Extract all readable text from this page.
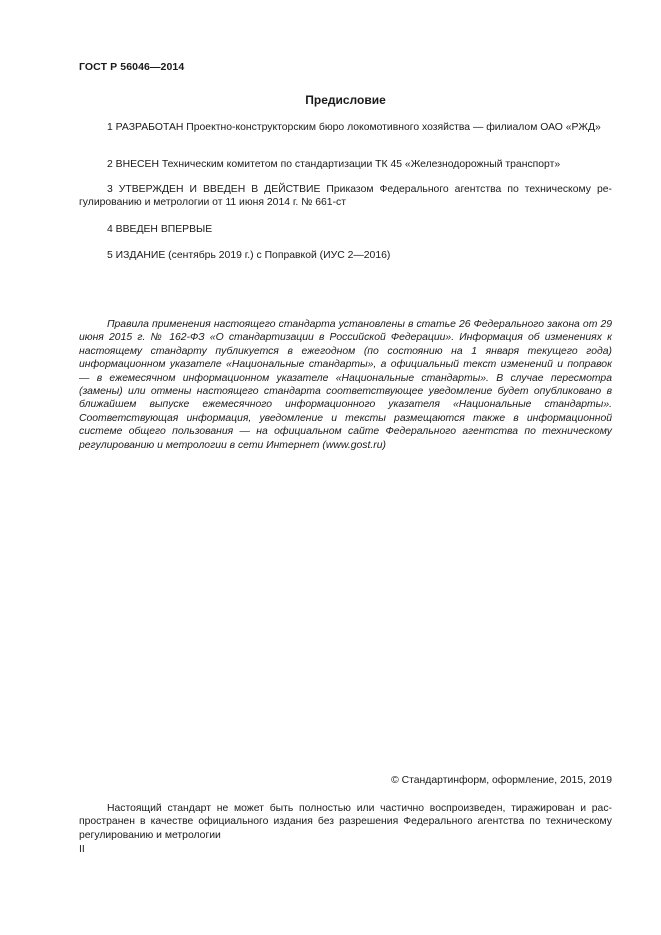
ГОСТ Р 56046—2014
Предисловие

1 РАЗРАБОТАН Проектно-конструкторским бюро локомотивного хозяйства — филиалом ОАО «РЖД»

2 ВНЕСЕН Техническим комитетом по стандартизации ТК 45 «Железнодорожный транспорт»

3 УТВЕРЖДЕН И ВВЕДЕН В ДЕЙСТВИЕ Приказом Федерального агентства по техническому регулированию и метрологии от 11 июня 2014 г. № 661-ст

4 ВВЕДЕН ВПЕРВЫЕ

5 ИЗДАНИЕ (сентябрь 2019 г.) с Поправкой (ИУС 2—2016)

Правила применения настоящего стандарта установлены в статье 26 Федерального закона от 29 июня 2015 г. № 162-ФЗ «О стандартизации в Российской Федерации». Информация об изменениях к настоящему стандарту публикуется в ежегодном (по состоянию на 1 января текущего года) информационном указателе «Национальные стандарты», а официальный текст изменений и поправок — в ежемесячном информационном указателе «Национальные стандарты». В случае пересмотра (замены) или отмены настоящего стандарта соответствующее уведомление будет опубликовано в ближайшем выпуске ежемесячного информационного указателя «Национальные стандарты». Соответствующая информация, уведомление и тексты размещаются также в информационной системе общего пользования — на официальном сайте Федерального агентства по техническому регулированию и метрологии в сети Интернет (www.gost.ru)

© Стандартинформ, оформление, 2015, 2019

Настоящий стандарт не может быть полностью или частично воспроизведен, тиражирован и распространен в качестве официального издания без разрешения Федерального агентства по техническому регулированию и метрологии

II
